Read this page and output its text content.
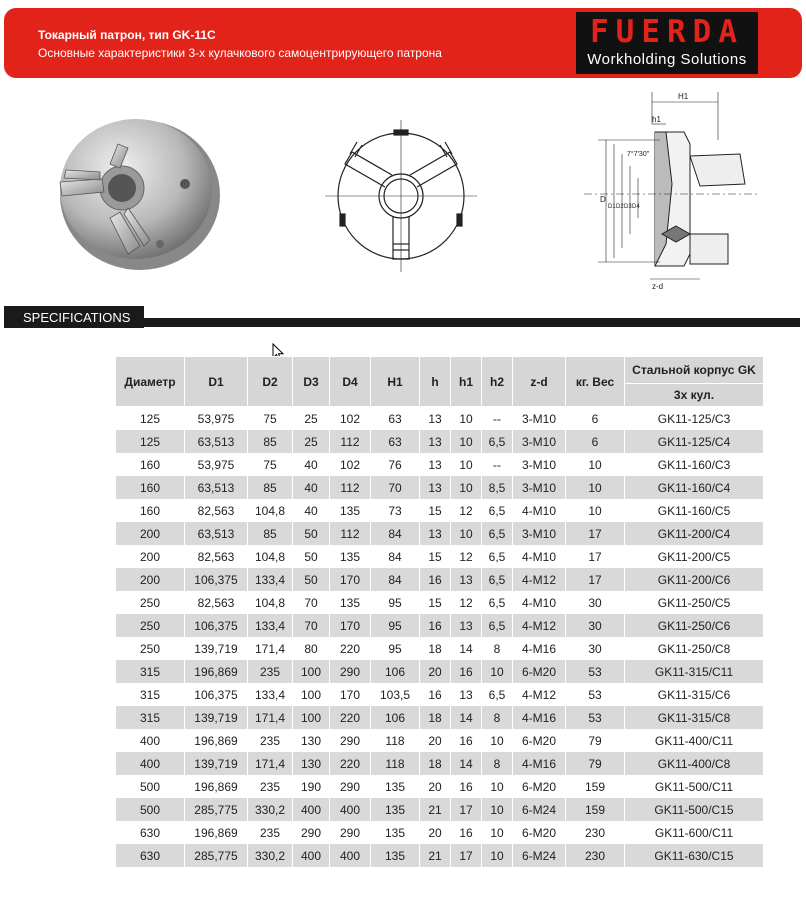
Токарный патрон, тип GK-11C
Основные характеристики 3-х кулачкового самоцентрирующего патрона
FUERDA
Workholding Solutions
H1
h1
7°7'30"
z-d
D
D1 D2 D3 D4
SPECIFICATIONS
Диаметр	D1	D2	D3	D4	H1	h	h1	h2	z-d	кг. Вес	Стальной корпус GK
											3х кул.
125	53,975	75	25	102	63	13	10	--	3-M10	6	GK11-125/C3
125	63,513	85	25	112	63	13	10	6,5	3-M10	6	GK11-125/C4
160	53,975	75	40	102	76	13	10	--	3-M10	10	GK11-160/C3
160	63,513	85	40	112	70	13	10	8,5	3-M10	10	GK11-160/C4
160	82,563	104,8	40	135	73	15	12	6,5	4-M10	10	GK11-160/C5
200	63,513	85	50	112	84	13	10	6,5	3-M10	17	GK11-200/C4
200	82,563	104,8	50	135	84	15	12	6,5	4-M10	17	GK11-200/C5
200	106,375	133,4	50	170	84	16	13	6,5	4-M12	17	GK11-200/C6
250	82,563	104,8	70	135	95	15	12	6,5	4-M10	30	GK11-250/C5
250	106,375	133,4	70	170	95	16	13	6,5	4-M12	30	GK11-250/C6
250	139,719	171,4	80	220	95	18	14	8	4-M16	30	GK11-250/C8
315	196,869	235	100	290	106	20	16	10	6-M20	53	GK11-315/C11
315	106,375	133,4	100	170	103,5	16	13	6,5	4-M12	53	GK11-315/C6
315	139,719	171,4	100	220	106	18	14	8	4-M16	53	GK11-315/C8
400	196,869	235	130	290	118	20	16	10	6-M20	79	GK11-400/C11
400	139,719	171,4	130	220	118	18	14	8	4-M16	79	GK11-400/C8
500	196,869	235	190	290	135	20	16	10	6-M20	159	GK11-500/C11
500	285,775	330,2	400	400	135	21	17	10	6-M24	159	GK11-500/C15
630	196,869	235	290	290	135	20	16	10	6-M20	230	GK11-600/C11
630	285,775	330,2	400	400	135	21	17	10	6-M24	230	GK11-630/C15
